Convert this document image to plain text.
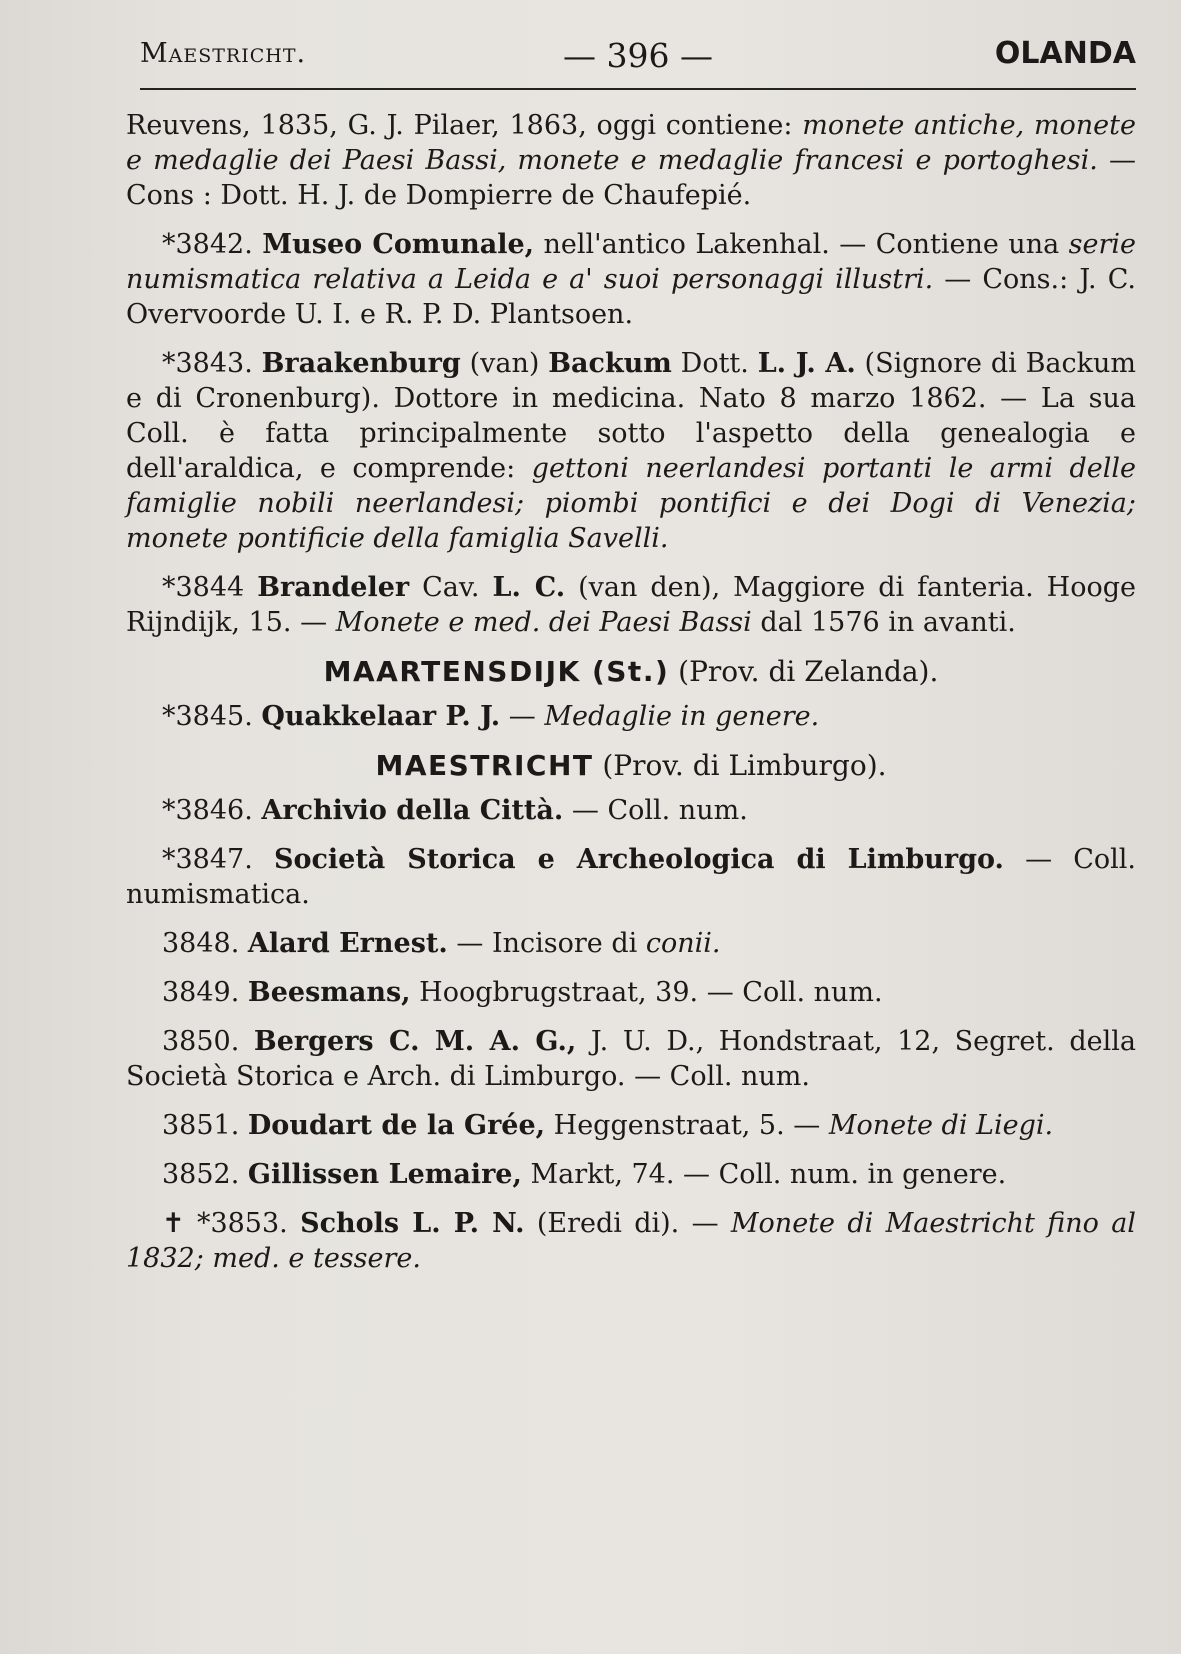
Maestricht.	— 396 —	OLANDA

Reuvens, 1835, G. J. Pilaer, 1863, oggi contiene: monete antiche, monete e medaglie dei Paesi Bassi, monete e medaglie francesi e portoghesi. — Cons : Dott. H. J. de Dompierre de Chaufepié.

*3842. Museo Comunale, nell'antico Lakenhal. — Contiene una serie numismatica relativa a Leida e a' suoi personaggi illustri. — Cons.: J. C. Overvoorde U. I. e R. P. D. Plantsoen.

*3843. Braakenburg (van) Backum Dott. L. J. A. (Signore di Backum e di Cronenburg). Dottore in medicina. Nato 8 marzo 1862. — La sua Coll. è fatta principalmente sotto l'aspetto della genealogia e dell'araldica, e comprende: gettoni neerlandesi portanti le armi delle famiglie nobili neerlandesi; piombi pontifici e dei Dogi di Venezia; monete pontificie della famiglia Savelli.

*3844 Brandeler Cav. L. C. (van den), Maggiore di fanteria. Hooge Rijndijk, 15. — Monete e med. dei Paesi Bassi dal 1576 in avanti.

MAARTENSDIJK (St.) (Prov. di Zelanda).

*3845. Quakkelaar P. J. — Medaglie in genere.

MAESTRICHT (Prov. di Limburgo).

*3846. Archivio della Città. — Coll. num.

*3847. Società Storica e Archeologica di Limburgo. — Coll. numismatica.

3848. Alard Ernest. — Incisore di conii.

3849. Beesmans, Hoogbrugstraat, 39. — Coll. num.

3850. Bergers C. M. A. G., J. U. D., Hondstraat, 12, Segret. della Società Storica e Arch. di Limburgo. — Coll. num.

3851. Doudart de la Grée, Heggenstraat, 5. — Monete di Liegi.

3852. Gillissen Lemaire, Markt, 74. — Coll. num. in genere.

✝ *3853. Schols L. P. N. (Eredi di). — Monete di Maestricht fino al 1832; med. e tessere.
